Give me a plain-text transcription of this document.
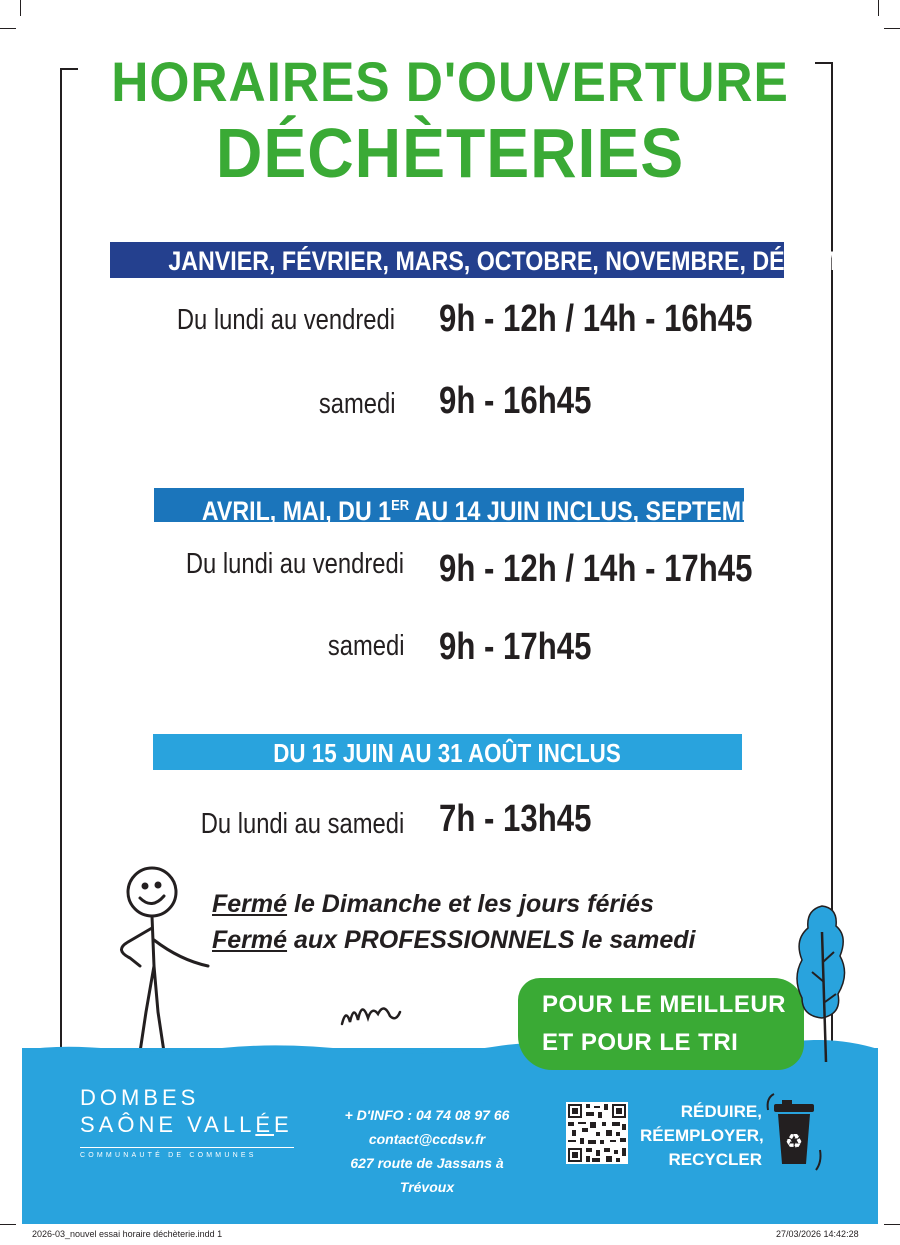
HORAIRES D'OUVERTURE
DÉCHÈTERIES
JANVIER, FÉVRIER, MARS, OCTOBRE, NOVEMBRE, DÉCEMBRE
Du lundi au vendredi 9h - 12h / 14h - 16h45
samedi 9h - 16h45
AVRIL, MAI, DU 1ER AU 14 JUIN INCLUS, SEPTEMBRE
Du lundi au vendredi 9h - 12h / 14h - 17h45
samedi 9h - 17h45
DU 15 JUIN AU 31 AOÛT INCLUS
Du lundi au samedi 7h - 13h45
Fermé le Dimanche et les jours fériés
Fermé aux PROFESSIONNELS le samedi
POUR LE MEILLEUR
ET POUR LE TRI
DOMBES
SAÔNE VALLÉE
COMMUNAUTÉ DE COMMUNES
+ D'INFO : 04 74 08 97 66
contact@ccdsv.fr
627 route de Jassans à Trévoux
RÉDUIRE,
RÉEMPLOYER,
RECYCLER
♻
2026-03_nouvel essai horaire déchèterie.indd 1	27/03/2026 14:42:28
